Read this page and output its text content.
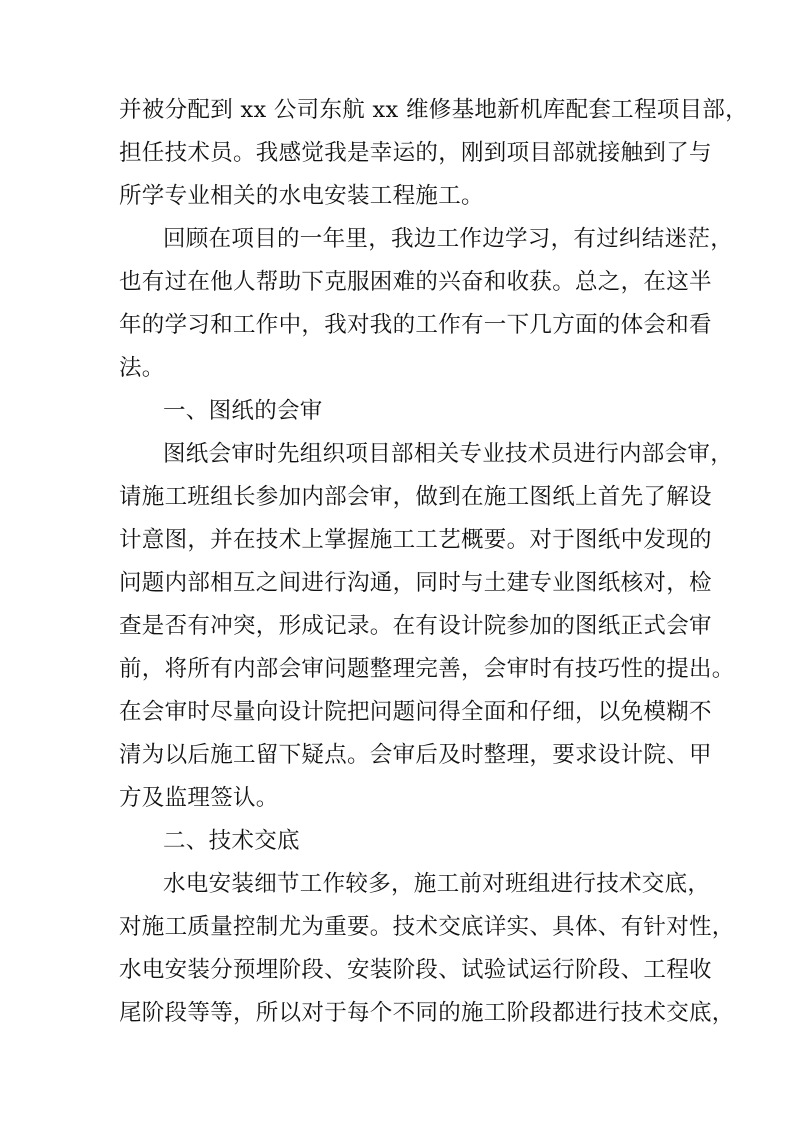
并被分配到 xx 公司东航 xx 维修基地新机库配套工程项目部，
担任技术员。我感觉我是幸运的，刚到项目部就接触到了与
所学专业相关的水电安装工程施工。
回顾在项目的一年里，我边工作边学习，有过纠结迷茫，
也有过在他人帮助下克服困难的兴奋和收获。总之，在这半
年的学习和工作中，我对我的工作有一下几方面的体会和看
法。
一、图纸的会审
图纸会审时先组织项目部相关专业技术员进行内部会审，
请施工班组长参加内部会审，做到在施工图纸上首先了解设
计意图，并在技术上掌握施工工艺概要。对于图纸中发现的
问题内部相互之间进行沟通，同时与土建专业图纸核对，检
查是否有冲突，形成记录。在有设计院参加的图纸正式会审
前，将所有内部会审问题整理完善，会审时有技巧性的提出。
在会审时尽量向设计院把问题问得全面和仔细，以免模糊不
清为以后施工留下疑点。会审后及时整理，要求设计院、甲
方及监理签认。
二、技术交底
水电安装细节工作较多，施工前对班组进行技术交底，
对施工质量控制尤为重要。技术交底详实、具体、有针对性，
水电安装分预埋阶段、安装阶段、试验试运行阶段、工程收
尾阶段等等，所以对于每个不同的施工阶段都进行技术交底，
